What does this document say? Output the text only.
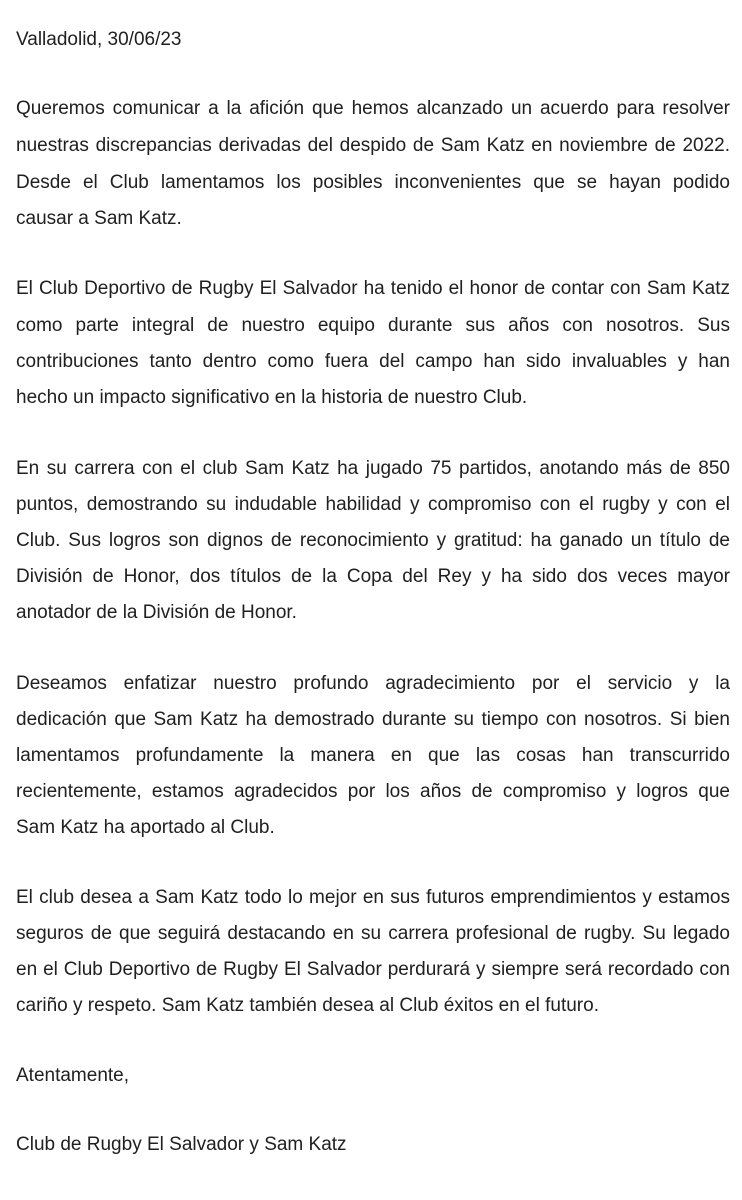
Valladolid, 30/06/23
Queremos comunicar a la afición que hemos alcanzado un acuerdo para resolver
nuestras discrepancias derivadas del despido de Sam Katz en noviembre de 2022.
Desde el Club lamentamos los posibles inconvenientes que se hayan podido
causar a Sam Katz.
El Club Deportivo de Rugby El Salvador ha tenido el honor de contar con Sam Katz
como parte integral de nuestro equipo durante sus años con nosotros. Sus
contribuciones tanto dentro como fuera del campo han sido invaluables y han
hecho un impacto significativo en la historia de nuestro Club.
En su carrera con el club Sam Katz ha jugado 75 partidos, anotando más de 850
puntos, demostrando su indudable habilidad y compromiso con el rugby y con el
Club. Sus logros son dignos de reconocimiento y gratitud: ha ganado un título de
División de Honor, dos títulos de la Copa del Rey y ha sido dos veces mayor
anotador de la División de Honor.
Deseamos enfatizar nuestro profundo agradecimiento por el servicio y la
dedicación que Sam Katz ha demostrado durante su tiempo con nosotros. Si bien
lamentamos profundamente la manera en que las cosas han transcurrido
recientemente, estamos agradecidos por los años de compromiso y logros que
Sam Katz ha aportado al Club.
El club desea a Sam Katz todo lo mejor en sus futuros emprendimientos y estamos
seguros de que seguirá destacando en su carrera profesional de rugby. Su legado
en el Club Deportivo de Rugby El Salvador perdurará y siempre será recordado con
cariño y respeto. Sam Katz también desea al Club éxitos en el futuro.
Atentamente,
Club de Rugby El Salvador y Sam Katz
